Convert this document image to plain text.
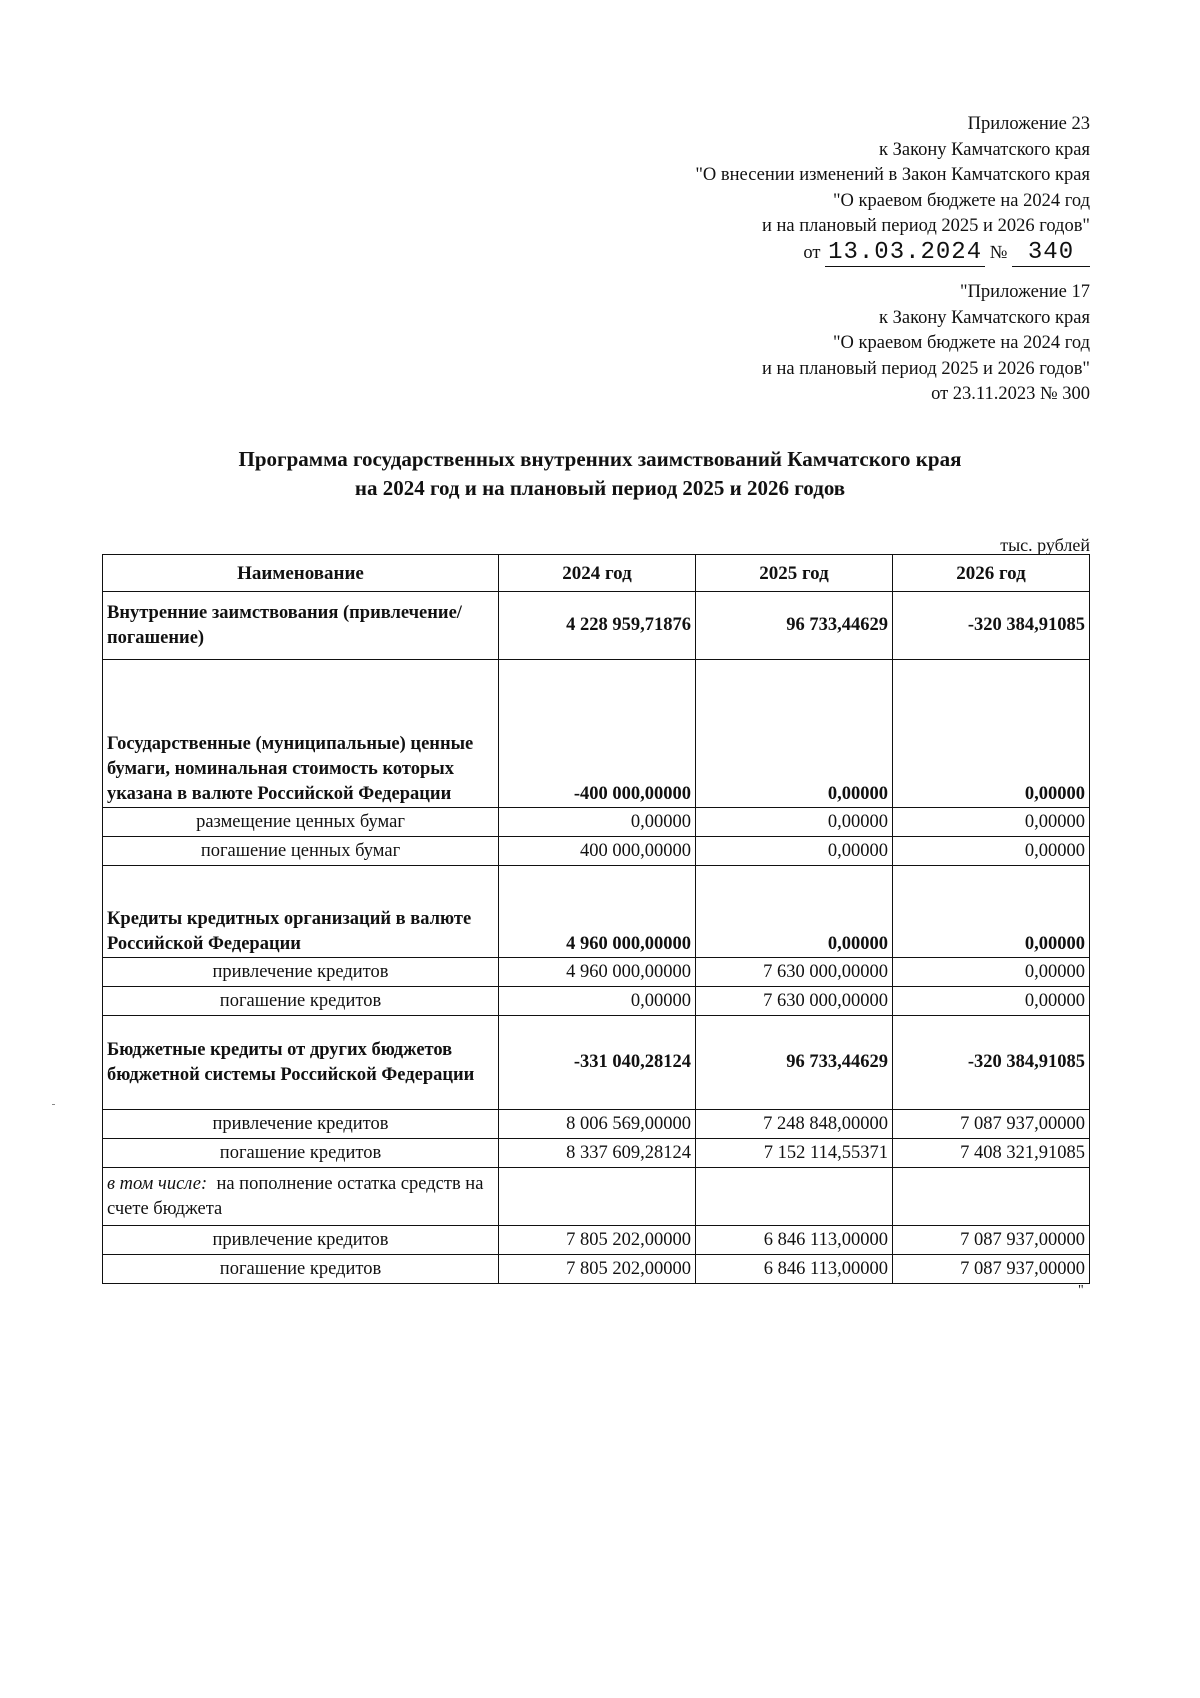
Приложение 23
к Закону Камчатского края
"О внесении изменений в Закон Камчатского края
"О краевом бюджете на 2024 год
и на плановый период 2025 и 2026 годов"
от 13.03.2024 № 340
"Приложение 17
к Закону Камчатского края
"О краевом бюджете на 2024 год
и на плановый период 2025 и 2026 годов"
от 23.11.2023 № 300
Программа государственных внутренних заимствований Камчатского края
на 2024 год и на плановый период 2025 и 2026 годов
тыс. рублей
Наименование	2024 год	2025 год	2026 год
Внутренние заимствования (привлечение/погашение)	4 228 959,71876	96 733,44629	-320 384,91085
Государственные (муниципальные) ценные бумаги, номинальная стоимость которых указана в валюте Российской Федерации	-400 000,00000	0,00000	0,00000
размещение ценных бумаг	0,00000	0,00000	0,00000
погашение ценных бумаг	400 000,00000	0,00000	0,00000
Кредиты кредитных организаций в валюте Российской Федерации	4 960 000,00000	0,00000	0,00000
привлечение кредитов	4 960 000,00000	7 630 000,00000	0,00000
погашение кредитов	0,00000	7 630 000,00000	0,00000
Бюджетные кредиты от других бюджетов бюджетной системы Российской Федерации	-331 040,28124	96 733,44629	-320 384,91085
привлечение кредитов	8 006 569,00000	7 248 848,00000	7 087 937,00000
погашение кредитов	8 337 609,28124	7 152 114,55371	7 408 321,91085
в том числе: на пополнение остатка средств на счете бюджета			
привлечение кредитов	7 805 202,00000	6 846 113,00000	7 087 937,00000
погашение кредитов	7 805 202,00000	6 846 113,00000	7 087 937,00000
"
